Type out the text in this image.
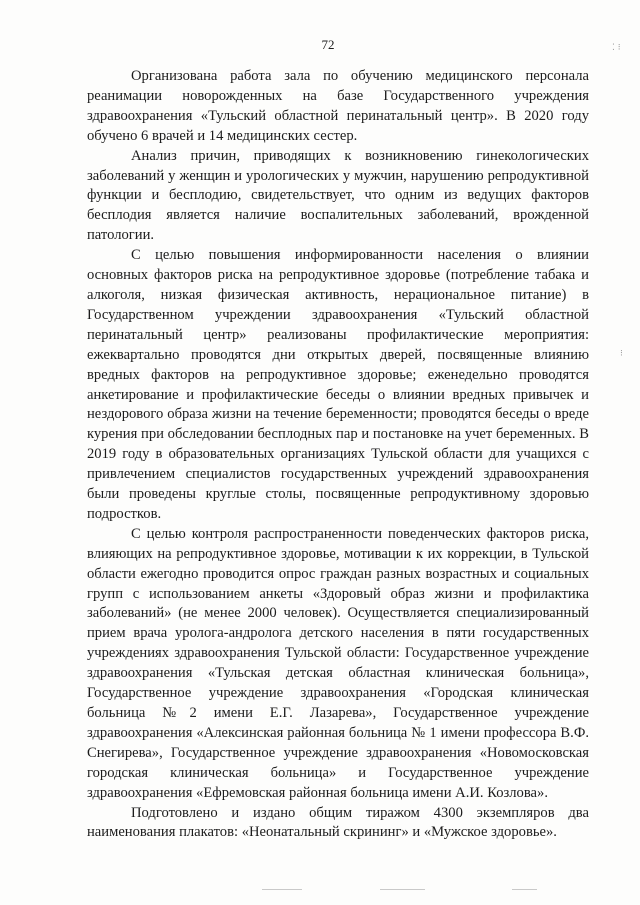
72	⁚ ⁝
⁝

Организована работа зала по обучению медицинского персонала реанимации новорожденных на базе Государственного учреждения здравоохранения «Тульский областной перинатальный центр». В 2020 году обучено 6 врачей и 14 медицинских сестер.

Анализ причин, приводящих к возникновению гинекологических заболеваний у женщин и урологических у мужчин, нарушению репродуктивной функции и бесплодию, свидетельствует, что одним из ведущих факторов бесплодия является наличие воспалительных заболеваний, врожденной патологии.

С целью повышения информированности населения о влиянии основных факторов риска на репродуктивное здоровье (потребление табака и алкоголя, низкая физическая активность, нерациональное питание) в Государственном учреждении здравоохранения «Тульский областной перинатальный центр» реализованы профилактические мероприятия: ежеквартально проводятся дни открытых дверей, посвященные влиянию вредных факторов на репродуктивное здоровье; еженедельно проводятся анкетирование и профилактические беседы о влиянии вредных привычек и нездорового образа жизни на течение беременности; проводятся беседы о вреде курения при обследовании бесплодных пар и постановке на учет беременных. В 2019 году в образовательных организациях Тульской области для учащихся с привлечением специалистов государственных учреждений здравоохранения были проведены круглые столы, посвященные репродуктивному здоровью подростков.

С целью контроля распространенности поведенческих факторов риска, влияющих на репродуктивное здоровье, мотивации к их коррекции, в Тульской области ежегодно проводится опрос граждан разных возрастных и социальных групп с использованием анкеты «Здоровый образ жизни и профилактика заболеваний» (не менее 2000 человек). Осуществляется специализированный прием врача уролога-андролога детского населения в пяти государственных учреждениях здравоохранения Тульской области: Государственное учреждение здравоохранения «Тульская детская областная клиническая больница», Государственное учреждение здравоохранения «Городская клиническая больница №2 имени Е.Г. Лазарева», Государственное учреждение здравоохранения «Алексинская районная больница № 1 имени профессора В.Ф. Снегирева», Государственное учреждение здравоохранения «Новомосковская городская клиническая больница» и Государственное учреждение здравоохранения «Ефремовская районная больница имени А.И. Козлова».

Подготовлено и издано общим тиражом 4300 экземпляров два наименования плакатов: «Неонатальный скрининг» и «Мужское здоровье».
